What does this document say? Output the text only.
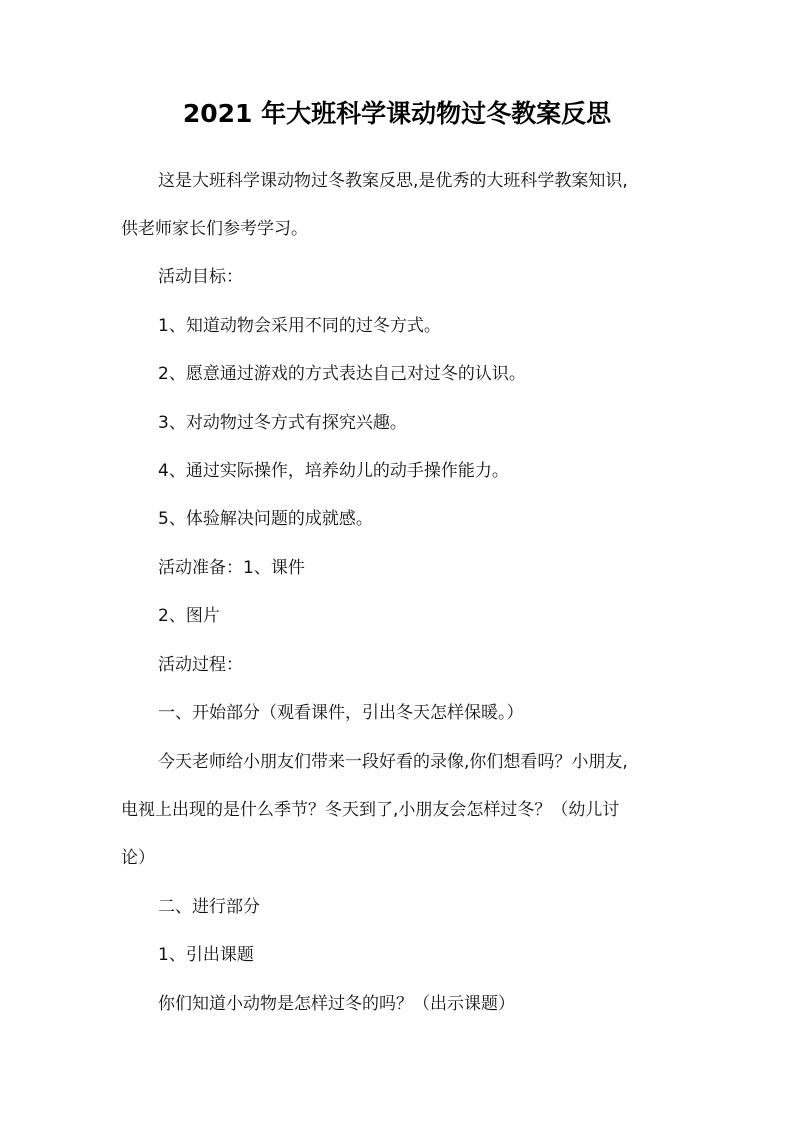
2021 年大班科学课动物过冬教案反思
这是大班科学课动物过冬教案反思,是优秀的大班科学教案知识,
供老师家长们参考学习。
活动目标：
1、知道动物会采用不同的过冬方式。
2、愿意通过游戏的方式表达自己对过冬的认识。
3、对动物过冬方式有探究兴趣。
4、通过实际操作，培养幼儿的动手操作能力。
5、体验解决问题的成就感。
活动准备：1、课件
2、图片
活动过程：
一、开始部分（观看课件，引出冬天怎样保暖。）
今天老师给小朋友们带来一段好看的录像,你们想看吗？小朋友,
电视上出现的是什么季节？冬天到了,小朋友会怎样过冬？（幼儿讨
论）
二、进行部分
1、引出课题
你们知道小动物是怎样过冬的吗？（出示课题）
